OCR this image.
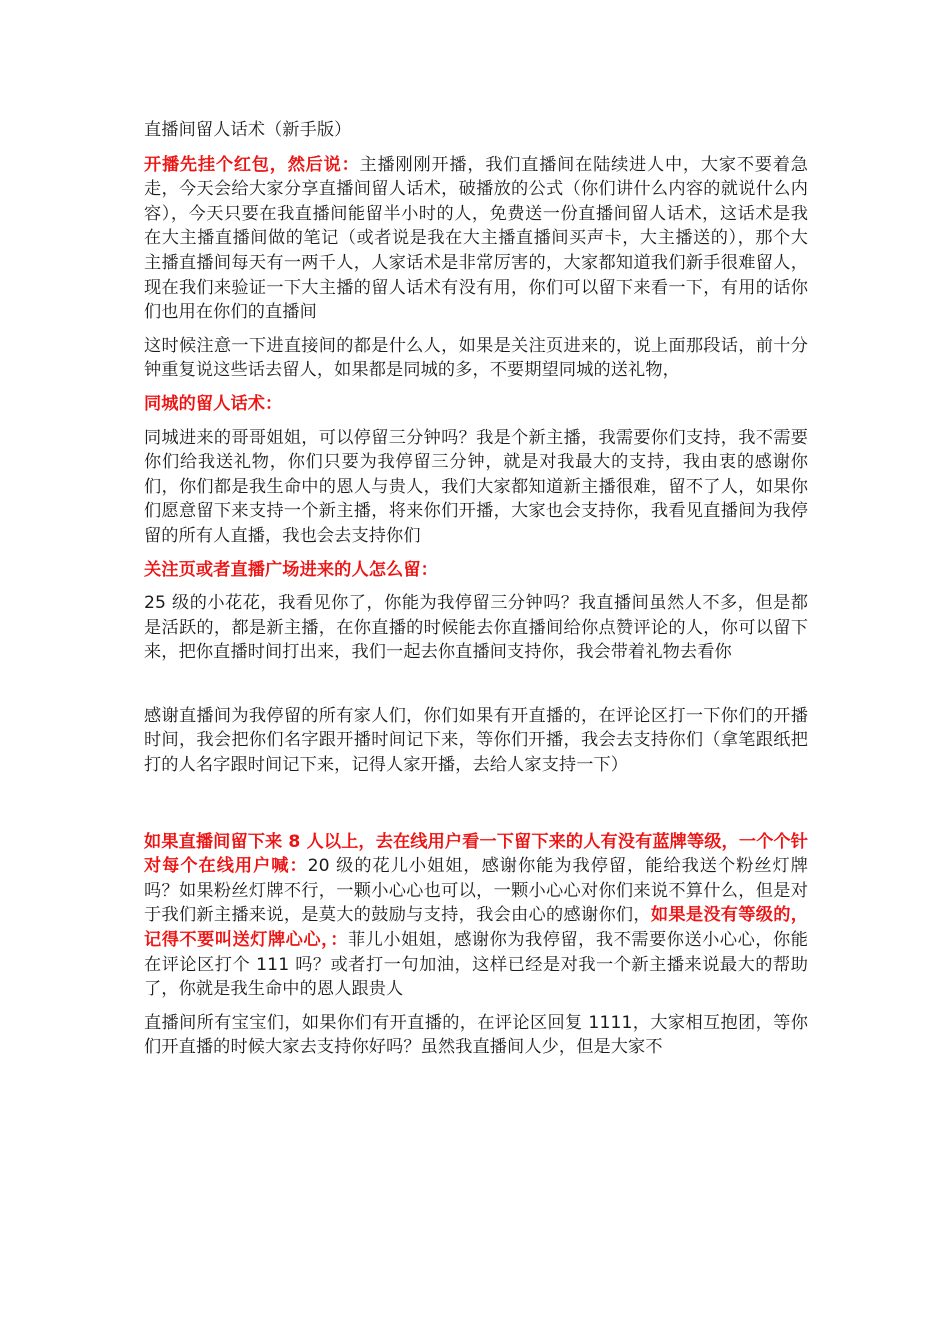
直播间留人话术（新手版）

开播先挂个红包，然后说：主播刚刚开播，我们直播间在陆续进人中，大家不要着急走，今天会给大家分享直播间留人话术，破播放的公式（你们讲什么内容的就说什么内容），今天只要在我直播间能留半小时的人，免费送一份直播间留人话术，这话术是我在大主播直播间做的笔记（或者说是我在大主播直播间买声卡，大主播送的），那个大主播直播间每天有一两千人，人家话术是非常厉害的，大家都知道我们新手很难留人，现在我们来验证一下大主播的留人话术有没有用，你们可以留下来看一下，有用的话你们也用在你们的直播间

这时候注意一下进直接间的都是什么人，如果是关注页进来的，说上面那段话，前十分钟重复说这些话去留人，如果都是同城的多，不要期望同城的送礼物，

同城的留人话术：

同城进来的哥哥姐姐，可以停留三分钟吗？我是个新主播，我需要你们支持，我不需要你们给我送礼物，你们只要为我停留三分钟，就是对我最大的支持，我由衷的感谢你们，你们都是我生命中的恩人与贵人，我们大家都知道新主播很难，留不了人，如果你们愿意留下来支持一个新主播，将来你们开播，大家也会支持你，我看见直播间为我停留的所有人直播，我也会去支持你们

关注页或者直播广场进来的人怎么留：

25 级的小花花，我看见你了，你能为我停留三分钟吗？我直播间虽然人不多，但是都是活跃的，都是新主播，在你直播的时候能去你直播间给你点赞评论的人，你可以留下来，把你直播时间打出来，我们一起去你直播间支持你，我会带着礼物去看你

感谢直播间为我停留的所有家人们，你们如果有开直播的，在评论区打一下你们的开播时间，我会把你们名字跟开播时间记下来，等你们开播，我会去支持你们（拿笔跟纸把打的人名字跟时间记下来，记得人家开播，去给人家支持一下）

如果直播间留下来 8 人以上，去在线用户看一下留下来的人有没有蓝牌等级，一个个针对每个在线用户喊：20 级的花儿小姐姐，感谢你能为我停留，能给我送个粉丝灯牌吗？如果粉丝灯牌不行，一颗小心心也可以，一颗小心心对你们来说不算什么，但是对于我们新主播来说，是莫大的鼓励与支持，我会由心的感谢你们，如果是没有等级的，记得不要叫送灯牌心心，：菲儿小姐姐，感谢你为我停留，我不需要你送小心心，你能在评论区打个 111 吗？或者打一句加油，这样已经是对我一个新主播来说最大的帮助了，你就是我生命中的恩人跟贵人

直播间所有宝宝们，如果你们有开直播的，在评论区回复 1111，大家相互抱团，等你们开直播的时候大家去支持你好吗？虽然我直播间人少，但是大家不
